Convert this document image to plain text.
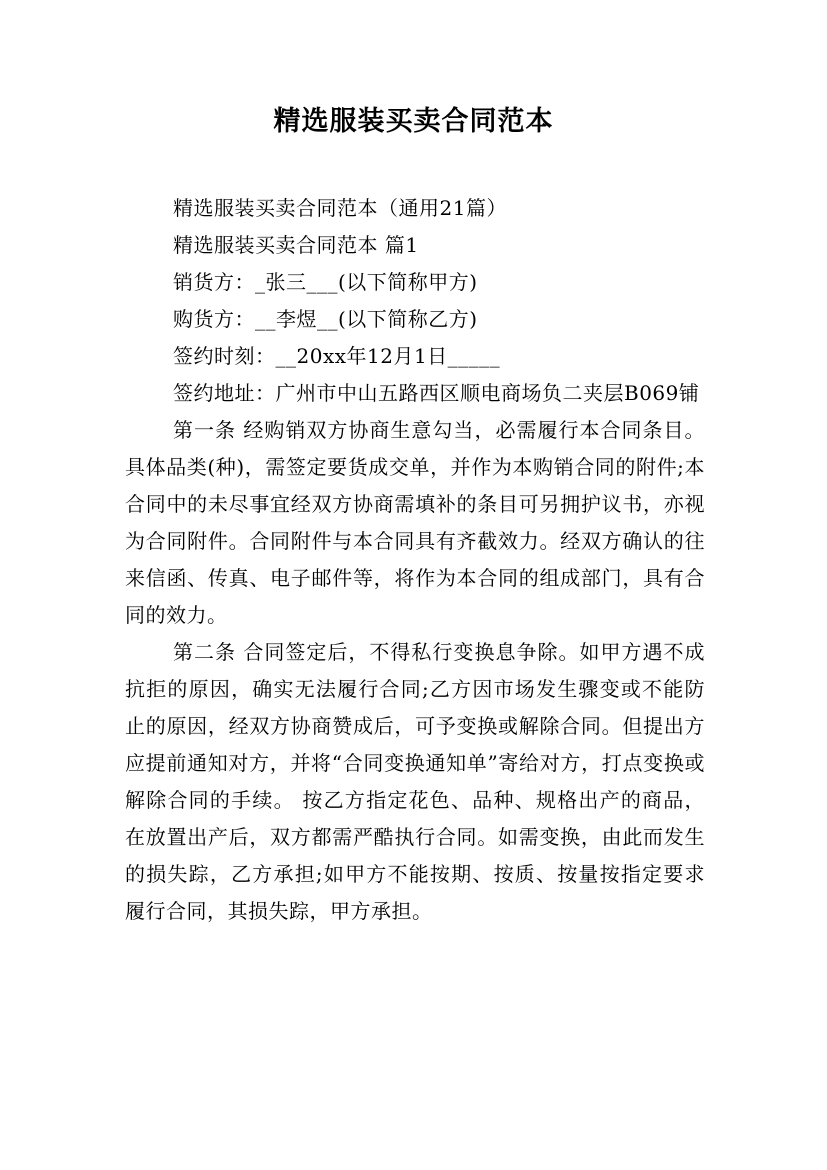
精选服装买卖合同范本

精选服装买卖合同范本（通用21篇）

精选服装买卖合同范本 篇1

销货方：_张三___(以下简称甲方)

购货方：__李煜__(以下简称乙方)

签约时刻：__20xx年12月1日_____

签约地址：广州市中山五路西区顺电商场负二夹层B069铺

第一条 经购销双方协商生意勾当，必需履行本合同条目。具体品类(种)，需签定要货成交单，并作为本购销合同的附件;本合同中的未尽事宜经双方协商需填补的条目可另拥护议书，亦视为合同附件。合同附件与本合同具有齐截效力。经双方确认的往来信函、传真、电子邮件等，将作为本合同的组成部门，具有合同的效力。

第二条 合同签定后，不得私行变换息争除。如甲方遇不成抗拒的原因，确实无法履行合同;乙方因市场发生骤变或不能防止的原因，经双方协商赞成后，可予变换或解除合同。但提出方应提前通知对方，并将“合同变换通知单”寄给对方，打点变换或解除合同的手续。 按乙方指定花色、品种、规格出产的商品，在放置出产后，双方都需严酷执行合同。如需变换，由此而发生的损失踪，乙方承担;如甲方不能按期、按质、按量按指定要求履行合同，其损失踪，甲方承担。
